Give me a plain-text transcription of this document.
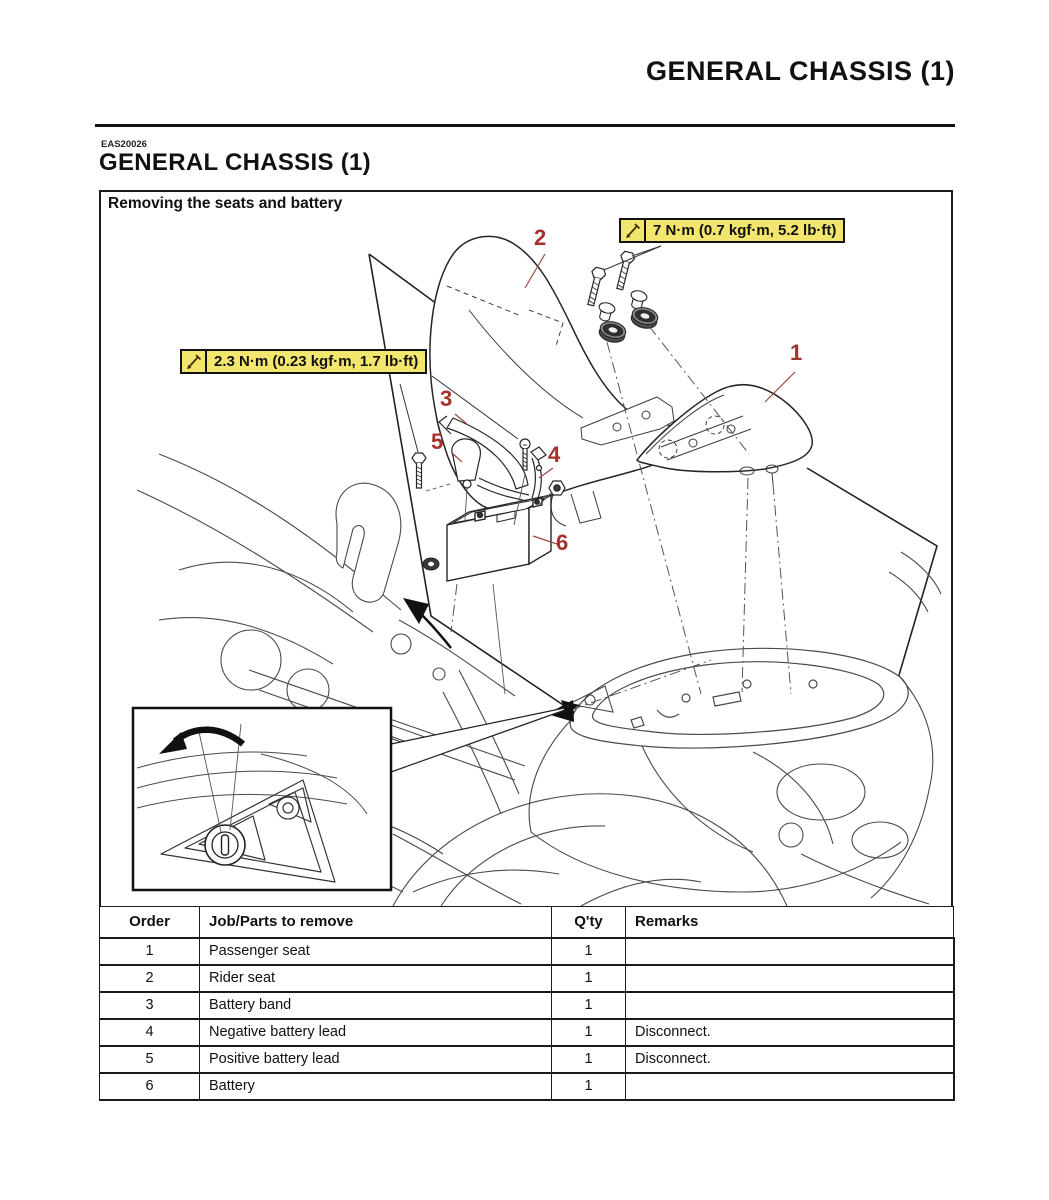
GENERAL CHASSIS (1)
EAS20026
GENERAL CHASSIS (1)
Removing the seats and battery
7 N·m (0.7 kgf·m, 5.2 lb·ft)
2.3 N·m (0.23 kgf·m, 1.7 lb·ft)
2
1
3
5
4
6
Order	Job/Parts to remove	Q'ty	Remarks
1	Passenger seat	1	
2	Rider seat	1	
3	Battery band	1	
4	Negative battery lead	1	Disconnect.
5	Positive battery lead	1	Disconnect.
6	Battery	1	
